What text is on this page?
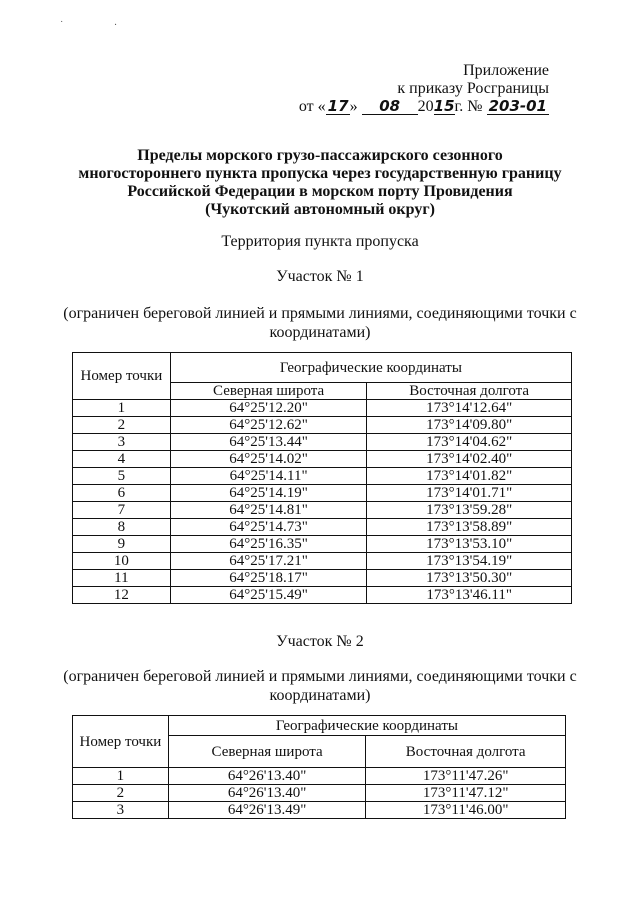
˙ ·
Приложение
к приказу Росграницы
от « 17» 08 2015г. № 203-01
Пределы морского грузо-пассажирского сезонного
многостороннего пункта пропуска через государственную границу
Российской Федерации в морском порту Провидения
(Чукотский автономный округ)
Территория пункта пропуска
Участок № 1
(ограничен береговой линией и прямыми линиями, соединяющими точки с
координатами)
Номер точки	Географические координаты	
	Северная широта	Восточная долгота
1	64°25'12.20"	173°14'12.64"
2	64°25'12.62"	173°14'09.80"
3	64°25'13.44"	173°14'04.62"
4	64°25'14.02"	173°14'02.40"
5	64°25'14.11"	173°14'01.82"
6	64°25'14.19"	173°14'01.71"
7	64°25'14.81"	173°13'59.28"
8	64°25'14.73"	173°13'58.89"
9	64°25'16.35"	173°13'53.10"
10	64°25'17.21"	173°13'54.19"
11	64°25'18.17"	173°13'50.30"
12	64°25'15.49"	173°13'46.11"
Участок № 2
(ограничен береговой линией и прямыми линиями, соединяющими точки с
координатами)
Номер точки	Географические координаты	
	Северная широта	Восточная долгота
1	64°26'13.40"	173°11'47.26"
2	64°26'13.40"	173°11'47.12"
3	64°26'13.49"	173°11'46.00"
